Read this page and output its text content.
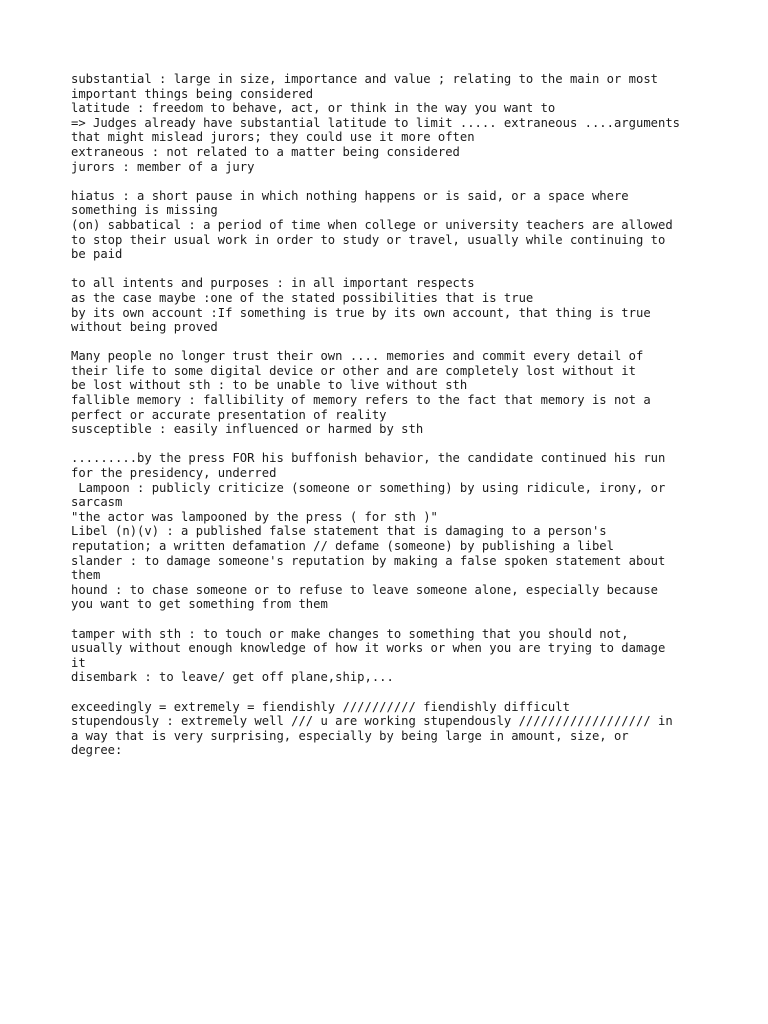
substantial : large in size, importance and value ; relating to the main or most
important things being considered
latitude : freedom to behave, act, or think in the way you want to
=> Judges already have substantial latitude to limit ..... extraneous ....arguments
that might mislead jurors; they could use it more often
extraneous : not related to a matter being considered
jurors : member of a jury
hiatus : a short pause in which nothing happens or is said, or a space where
something is missing
(on) sabbatical : a period of time when college or university teachers are allowed
to stop their usual work in order to study or travel, usually while continuing to
be paid
to all intents and purposes : in all important respects
as the case maybe :one of the stated possibilities that is true
by its own account :If something is true by its own account, that thing is true
without being proved
Many people no longer trust their own .... memories and commit every detail of
their life to some digital device or other and are completely lost without it
be lost without sth : to be unable to live without sth
fallible memory : fallibility of memory refers to the fact that memory is not a
perfect or accurate presentation of reality
susceptible : easily influenced or harmed by sth
.........by the press FOR his buffonish behavior, the candidate continued his run
for the presidency, underred
Lampoon : publicly criticize (someone or something) by using ridicule, irony, or
sarcasm
"the actor was lampooned by the press ( for sth )"
Libel (n)(v) : a published false statement that is damaging to a person's
reputation; a written defamation // defame (someone) by publishing a libel
slander : to damage someone's reputation by making a false spoken statement about
them
hound : to chase someone or to refuse to leave someone alone, especially because
you want to get something from them
tamper with sth : to touch or make changes to something that you should not,
usually without enough knowledge of how it works or when you are trying to damage
it
disembark : to leave/ get off plane,ship,...
exceedingly = extremely = fiendishly ////////// fiendishly difficult
stupendously : extremely well /// u are working stupendously ////////////////// in
a way that is very surprising, especially by being large in amount, size, or
degree:
